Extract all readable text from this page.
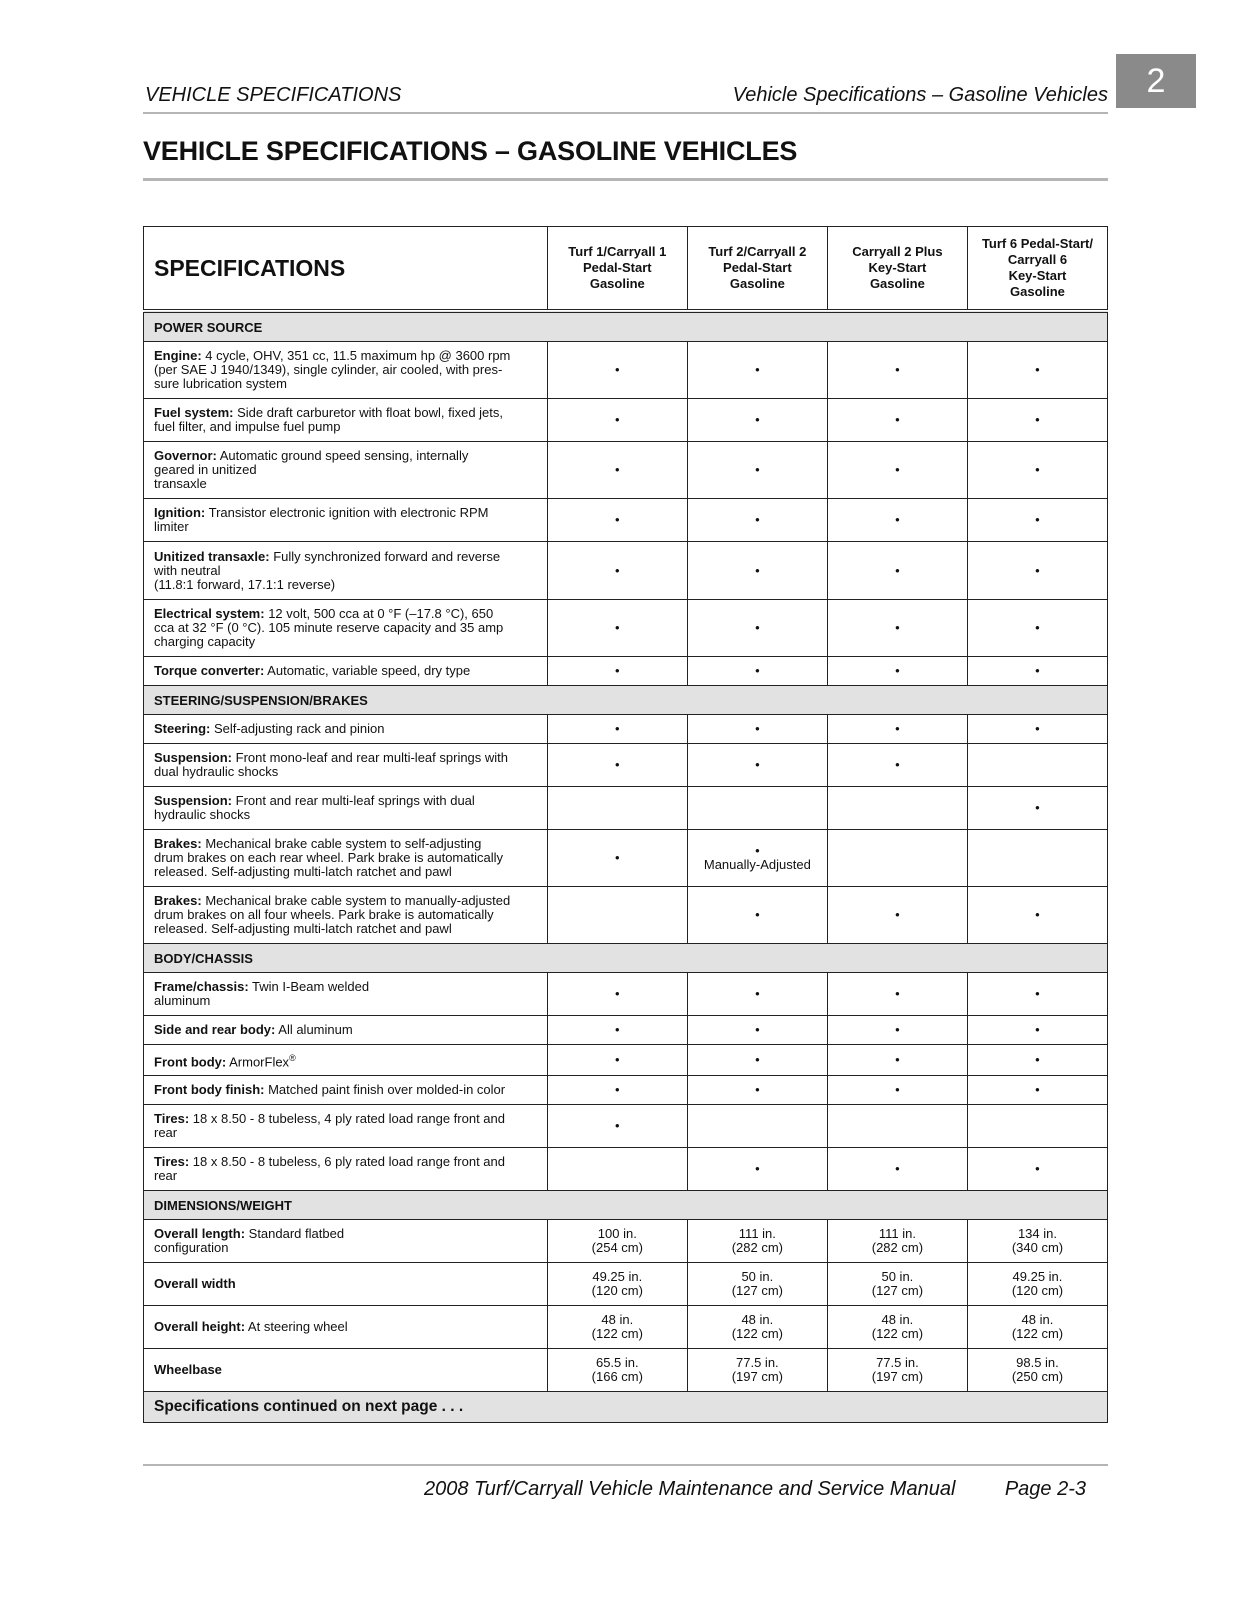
2
VEHICLE SPECIFICATIONS	Vehicle Specifications – Gasoline Vehicles
VEHICLE SPECIFICATIONS – GASOLINE VEHICLES
SPECIFICATIONS	Turf 1/Carryall 1
Pedal-Start
Gasoline	Turf 2/Carryall 2
Pedal-Start
Gasoline	Carryall 2 Plus
Key-Start
Gasoline	Turf 6 Pedal-Start/
Carryall 6
Key-Start
Gasoline
POWER SOURCE				
Engine: 4 cycle, OHV, 351 cc, 11.5 maximum hp @ 3600 rpm
(per SAE J 1940/1349), single cylinder, air cooled, with pres-
sure lubrication system	•	•	•	•
Fuel system: Side draft carburetor with float bowl, fixed jets,
fuel filter, and impulse fuel pump	•	•	•	•
Governor: Automatic ground speed sensing, internally
geared in unitized
transaxle	•	•	•	•
Ignition: Transistor electronic ignition with electronic RPM
limiter	•	•	•	•
Unitized transaxle: Fully synchronized forward and reverse
with neutral
(11.8:1 forward, 17.1:1 reverse)	•	•	•	•
Electrical system: 12 volt, 500 cca at 0 °F (–17.8 °C), 650
cca at 32 °F (0 °C). 105 minute reserve capacity and 35 amp
charging capacity	•	•	•	•
Torque converter: Automatic, variable speed, dry type	•	•	•	•
STEERING/SUSPENSION/BRAKES				
Steering: Self-adjusting rack and pinion	•	•	•	•
Suspension: Front mono-leaf and rear multi-leaf springs with
dual hydraulic shocks	•	•	•	
Suspension: Front and rear multi-leaf springs with dual
hydraulic shocks				•
Brakes: Mechanical brake cable system to self-adjusting
drum brakes on each rear wheel. Park brake is automatically
released. Self-adjusting multi-latch ratchet and pawl	•	•
Manually-Adjusted		
Brakes: Mechanical brake cable system to manually-adjusted
drum brakes on all four wheels. Park brake is automatically
released. Self-adjusting multi-latch ratchet and pawl		•	•	•
BODY/CHASSIS				
Frame/chassis: Twin I-Beam welded
aluminum	•	•	•	•
Side and rear body: All aluminum	•	•	•	•
Front body: ArmorFlex®	•	•	•	•
Front body finish: Matched paint finish over molded-in color	•	•	•	•
Tires: 18 x 8.50 - 8 tubeless, 4 ply rated load range front and
rear	•			
Tires: 18 x 8.50 - 8 tubeless, 6 ply rated load range front and
rear		•	•	•
DIMENSIONS/WEIGHT				
Overall length: Standard flatbed
configuration	100 in.
(254 cm)	111 in.
(282 cm)	111 in.
(282 cm)	134 in.
(340 cm)
Overall width	49.25 in.
(120 cm)	50 in.
(127 cm)	50 in.
(127 cm)	49.25 in.
(120 cm)
Overall height: At steering wheel	48 in.
(122 cm)	48 in.
(122 cm)	48 in.
(122 cm)	48 in.
(122 cm)
Wheelbase	65.5 in.
(166 cm)	77.5 in.
(197 cm)	77.5 in.
(197 cm)	98.5 in.
(250 cm)
Specifications continued on next page . . .				
2008 Turf/Carryall Vehicle Maintenance and Service Manual Page 2-3
